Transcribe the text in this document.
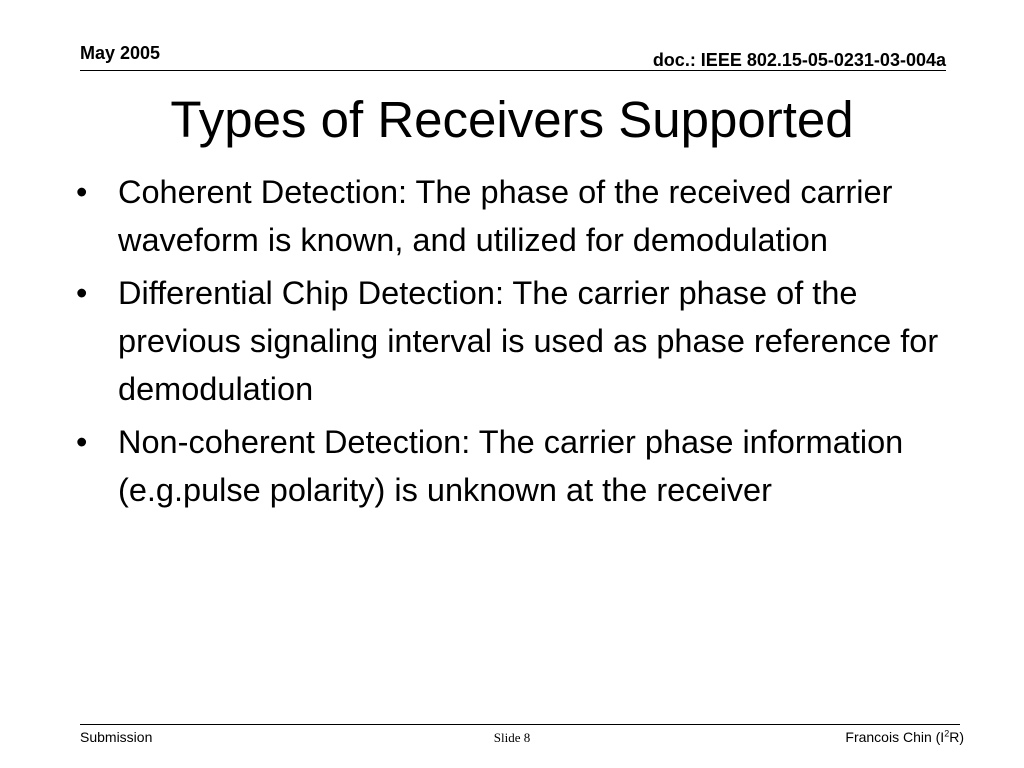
May 2005	doc.: IEEE 802.15-05-0231-03-004a
Types of Receivers Supported
• Coherent Detection: The phase of the received carrier waveform is known, and utilized for demodulation
• Differential Chip Detection: The carrier phase of the previous signaling interval is used as phase reference for demodulation
• Non-coherent Detection: The carrier phase information (e.g.pulse polarity) is unknown at the receiver
Submission	Slide 8	Francois Chin $(I^2R)$
